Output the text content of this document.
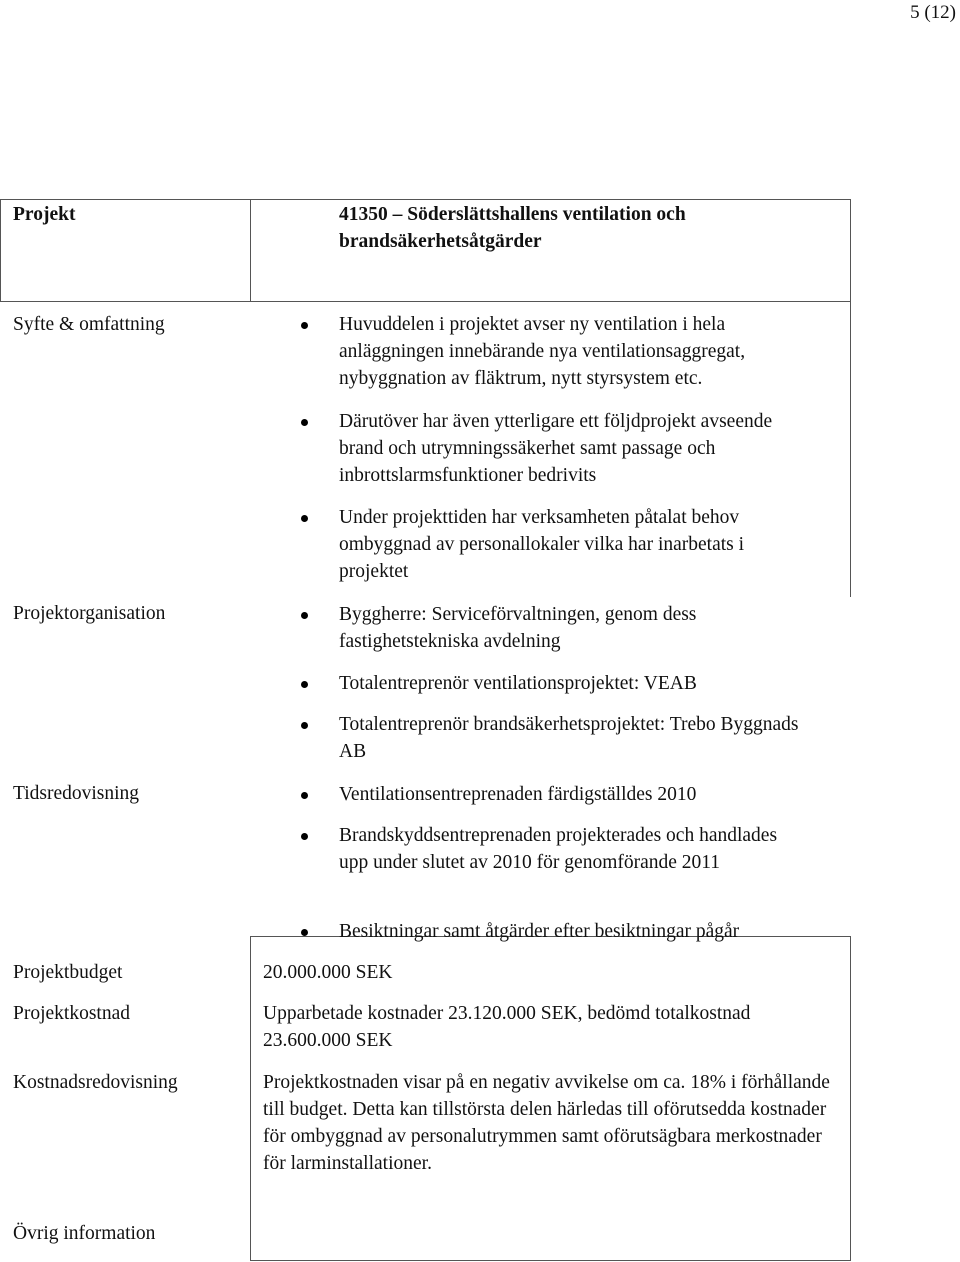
5 (12)
Projekt	41350 – Söderslättshallens ventilation och brandsäkerhetsåtgärder
Syfte & omfattning	Huvuddelen i projektet avser ny ventilation i hela anläggningen innebärande nya ventilationsaggregat, nybyggnation av fläktrum, nytt styrsystem etc.
Därutöver har även ytterligare ett följdprojekt avseende brand och utrymningssäkerhet samt passage och inbrottslarmsfunktioner bedrivits
Under projekttiden har verksamheten påtalat behov ombyggnad av personallokaler vilka har inarbetats i projektet
Projektorganisation	Byggherre: Serviceförvaltningen, genom dess fastighetstekniska avdelning
Totalentreprenör ventilationsprojektet: VEAB
Totalentreprenör brandsäkerhetsprojektet: Trebo Byggnads AB
Tidsredovisning	Ventilationsentreprenaden färdigställdes 2010
Brandskyddsentreprenaden projekterades och handlades upp under slutet av 2010 för genomförande 2011
Besiktningar samt åtgärder efter besiktningar pågår
Projektbudget	20.000.000 SEK
Projektkostnad	Upparbetade kostnader 23.120.000 SEK, bedömd totalkostnad 23.600.000 SEK
Kostnadsredovisning	Projektkostnaden visar på en negativ avvikelse om ca. 18% i förhållande till budget. Detta kan tillstörsta delen härledas till oförutsedda kostnader för ombyggnad av personalutrymmen samt oförutsägbara merkostnader för larminstallationer.
Övrig information
